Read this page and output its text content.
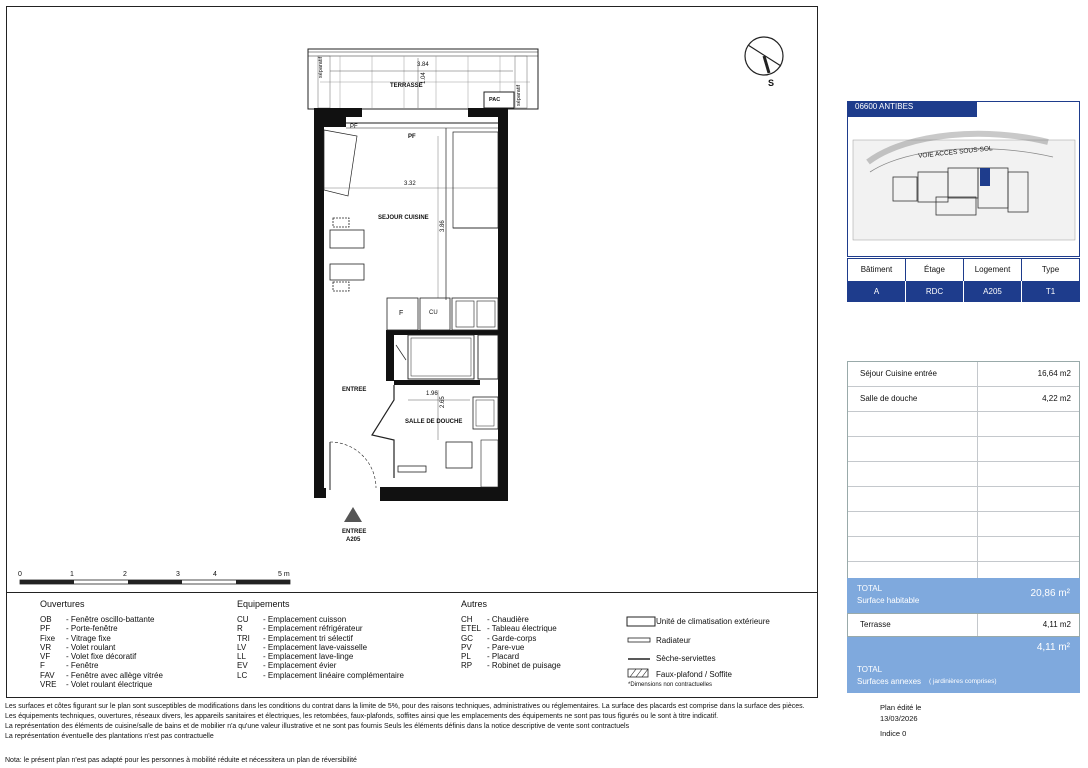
TERRASSE
SEJOUR CUISINE
ENTREE
SALLE DE DOUCHE
PAC
séparatif
séparatif
PF
PF
F	CU
3.84
1.04
3.32
3.86
1.96
2.65
ENTREE
A205
S
0	1	2	3	4	5 m
Ouvertures
OB - Fenêtre oscillo-battante
PF - Porte-fenêtre
Fixe - Vitrage fixe
VR - Volet roulant
VF - Volet fixe décoratif
F	- Fenêtre
FAV - Fenêtre avec allège vitrée
VRE - Volet roulant électrique
Equipements
CU - Emplacement cuisson
R	- Emplacement réfrigérateur
TRI - Emplacement tri sélectif
LV - Emplacement lave-vaisselle
LL - Emplacement lave-linge
EV - Emplacement évier
LC - Emplacement linéaire complémentaire
Autres
CH - Chaudière
ETEL - Tableau électrique
GC - Garde-corps
PV - Pare-vue
PL - Placard
RP - Robinet de puisage
Unité de climatisation extérieure
Radiateur
Sèche-serviettes
Faux-plafond / Soffite
*Dimensions non contractuelles
Les surfaces et côtes figurant sur le plan sont susceptibles de modifications dans les conditions du contrat dans la limite de 5%, pour des raisons techniques, administratives ou réglementaires. La surface des placards est comprise dans la surface des pièces.
Les équipements techniques, ouvertures, réseaux divers, les appareils sanitaires et électriques, les retombées, faux-plafonds, soffites ainsi que les emplacements des équipements ne sont pas tous figurés ou le sont à titre indicatif.
La représentation des éléments de cuisine/salle de bains et de mobilier n'a qu'une valeur illustrative et ne sont pas fournis Seuls les éléments définis dans la notice descriptive de vente sont contractuels
La représentation éventuelle des plantations n'est pas contractuelle
Nota: le présent plan n'est pas adapté pour les personnes à mobilité réduite et nécessitera un plan de réversibilité
Plan édité le
13/03/2026
Indice 0
VOIE ACCES SOUS-SOL
06600 ANTIBES
Bâtiment	Étage	Logement	Type
A	RDC	A205	T1
Séjour Cuisine entrée	16,64 m2
Salle de douche	4,22 m2
TOTAL
Surface habitable
20,86 m²
Terrasse	4,11 m2
4,11 m²
TOTAL
Surfaces annexes ( jardinières comprises)
